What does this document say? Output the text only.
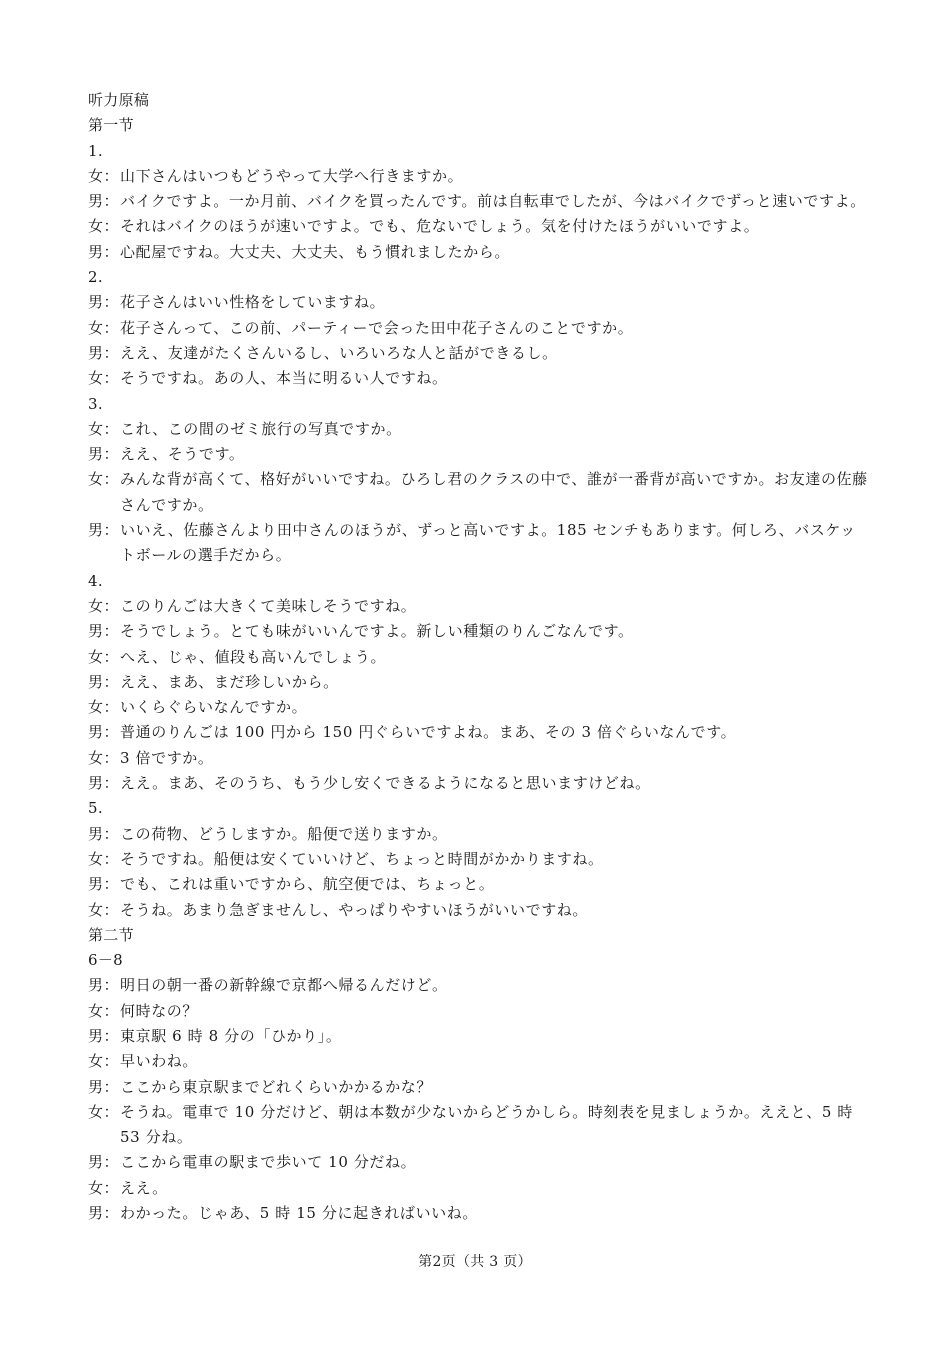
听力原稿
第一节
1.
女 ： 山下さんはいつもどうやって大学へ行きますか。
男 ： バイクですよ。一か月前、バイクを買ったんです。前は自転車でしたが、今はバイクでずっと速いですよ。
女 ： それはバイクのほうが速いですよ。でも、危ないでしょう。気を付けたほうがいいですよ。
男 ： 心配屋ですね。大丈夫、大丈夫、もう慣れましたから。
2.
男 ： 花子さんはいい性格をしていますね。
女 ： 花子さんって、この前、パーティーで会った田中花子さんのことですか。
男 ： ええ、友達がたくさんいるし、いろいろな人と話ができるし。
女 ： そうですね。あの人、本当に明るい人ですね。
3.
女 ： これ、この間のゼミ旅行の写真ですか。
男 ： ええ、そうです。
女 ： みんな背が高くて、格好がいいですね。ひろし君のクラスの中で、誰が一番背が高いですか。お友達の佐藤さんですか。
男 ： いいえ、佐藤さんより田中さんのほうが、ずっと高いですよ。185 センチもあります。何しろ、バスケットボールの選手だから。
4.
女 ： このりんごは大きくて美味しそうですね。
男 ： そうでしょう。とても味がいいんですよ。新しい種類のりんごなんです。
女 ： へえ、じゃ、値段も高いんでしょう。
男 ： ええ、まあ、まだ珍しいから。
女 ： いくらぐらいなんですか。
男 ： 普通のりんごは 100 円から 150 円ぐらいですよね。まあ、その 3 倍ぐらいなんです。
女 ： 3 倍ですか。
男 ： ええ。まあ、そのうち、もう少し安くできるようになると思いますけどね。
5.
男 ： この荷物、どうしますか。船便で送りますか。
女 ： そうですね。船便は安くていいけど、ちょっと時間がかかりますね。
男 ： でも、これは重いですから、航空便では、ちょっと。
女 ： そうね。あまり急ぎませんし、やっぱりやすいほうがいいですね。
第二节
6－8
男 ： 明日の朝一番の新幹線で京都へ帰るんだけど。
女 ： 何時なの？
男 ： 東京駅 6 時 8 分の「ひかり」。
女 ： 早いわね。
男 ： ここから東京駅までどれくらいかかるかな？
女 ： そうね。電車で 10 分だけど、朝は本数が少ないからどうかしら。時刻表を見ましょうか。ええと、5 時 53 分ね。
男 ： ここから電車の駅まで歩いて 10 分だね。
女 ： ええ。
男 ： わかった。じゃあ、5 時 15 分に起きればいいね。
第2页（共 3 页）
